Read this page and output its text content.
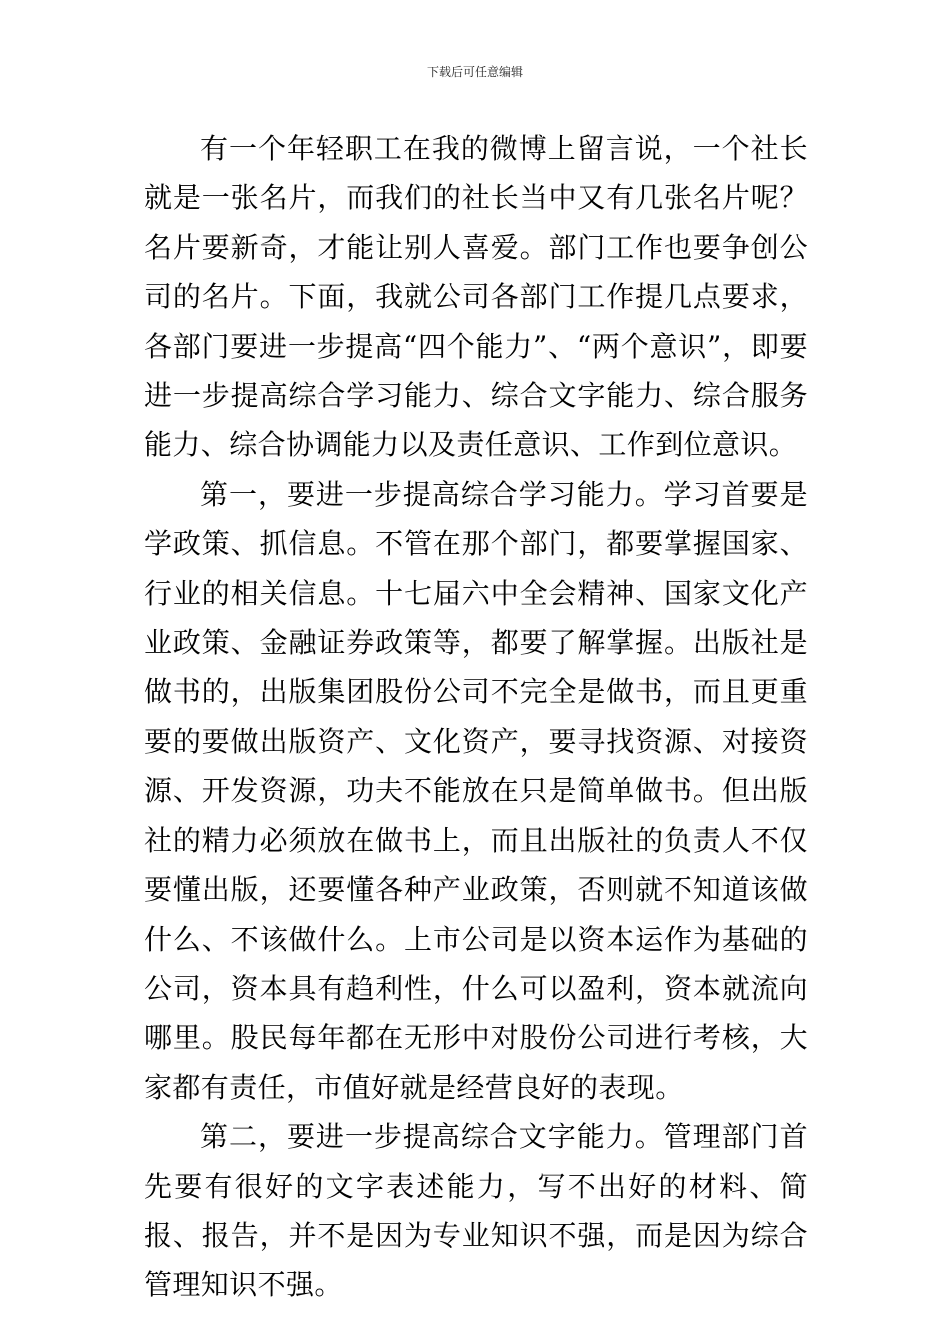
下载后可任意编辑

有一个年轻职工在我的微博上留言说，一个社长就是一张名片，而我们的社长当中又有几张名片呢？名片要新奇，才能让别人喜爱。部门工作也要争创公司的名片。下面，我就公司各部门工作提几点要求，各部门要进一步提高“四个能力”、“两个意识”，即要进一步提高综合学习能力、综合文字能力、综合服务能力、综合协调能力以及责任意识、工作到位意识。

第一，要进一步提高综合学习能力。学习首要是学政策、抓信息。不管在那个部门，都要掌握国家、行业的相关信息。十七届六中全会精神、国家文化产业政策、金融证券政策等，都要了解掌握。出版社是做书的，出版集团股份公司不完全是做书，而且更重要的要做出版资产、文化资产，要寻找资源、对接资源、开发资源，功夫不能放在只是简单做书。但出版社的精力必须放在做书上，而且出版社的负责人不仅要懂出版，还要懂各种产业政策，否则就不知道该做什么、不该做什么。上市公司是以资本运作为基础的公司，资本具有趋利性，什么可以盈利，资本就流向哪里。股民每年都在无形中对股份公司进行考核，大家都有责任，市值好就是经营良好的表现。

第二，要进一步提高综合文字能力。管理部门首先要有很好的文字表述能力，写不出好的材料、简报、报告，并不是因为专业知识不强，而是因为综合管理知识不强。
